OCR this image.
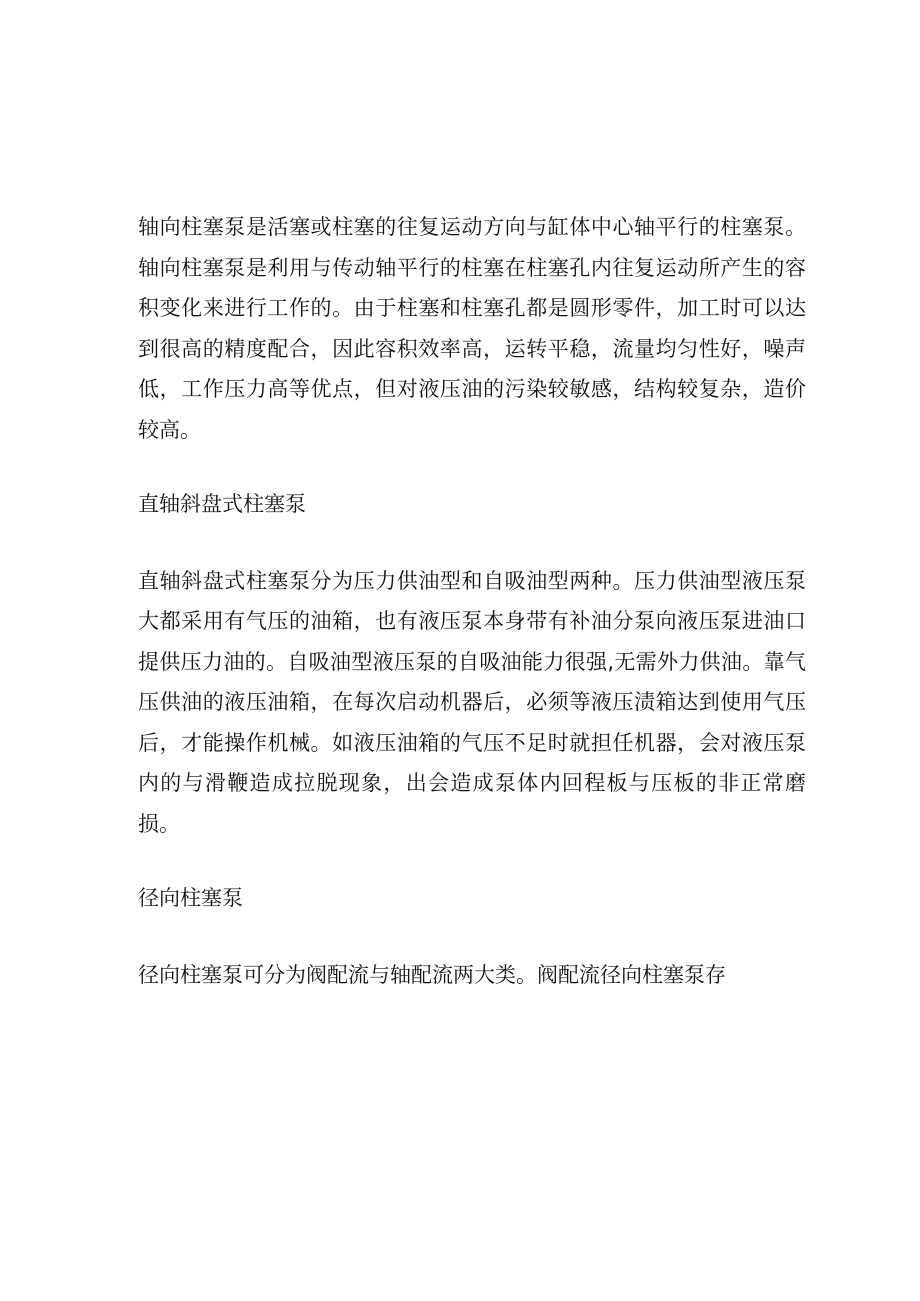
轴向柱塞泵是活塞或柱塞的往复运动方向与缸体中心轴平行的柱塞泵。轴向柱塞泵是利用与传动轴平行的柱塞在柱塞孔内往复运动所产生的容积变化来进行工作的。由于柱塞和柱塞孔都是圆形零件，加工时可以达到很高的精度配合，因此容积效率高，运转平稳，流量均匀性好，噪声低，工作压力高等优点，但对液压油的污染较敏感，结构较复杂，造价较高。

直轴斜盘式柱塞泵

直轴斜盘式柱塞泵分为压力供油型和自吸油型两种。压力供油型液压泵大都采用有气压的油箱，也有液压泵本身带有补油分泵向液压泵进油口提供压力油的。自吸油型液压泵的自吸油能力很强,无需外力供油。靠气压供油的液压油箱，在每次启动机器后，必须等液压渍箱达到使用气压后，才能操作机械。如液压油箱的气压不足时就担任机器，会对液压泵内的与滑鞭造成拉脱现象，出会造成泵体内回程板与压板的非正常磨损。

径向柱塞泵

径向柱塞泵可分为阀配流与轴配流两大类。阀配流径向柱塞泵存
